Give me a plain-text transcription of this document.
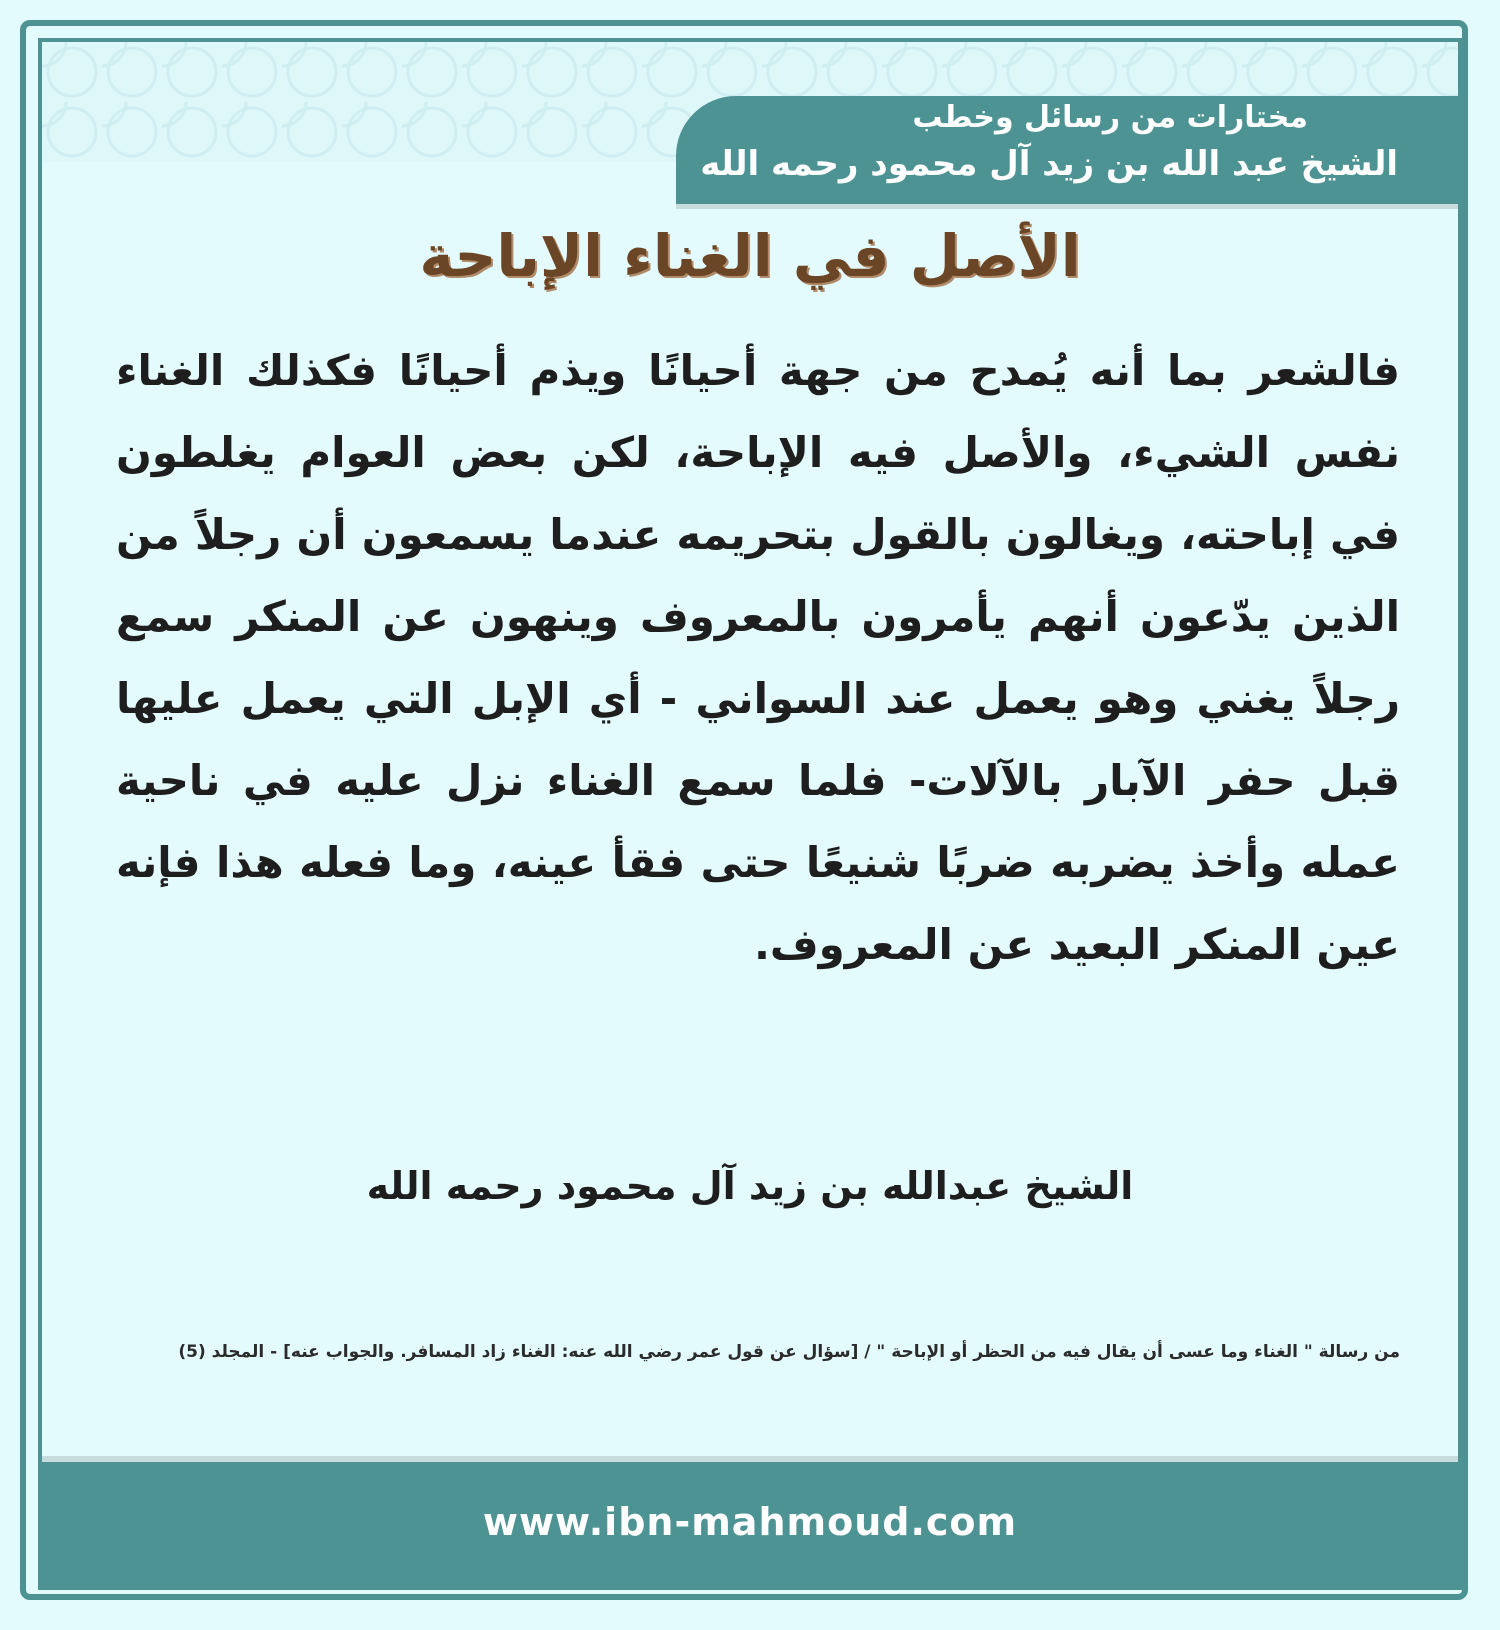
مختارات من رسائل وخطب
الشيخ عبد الله بن زيد آل محمود رحمه الله
الأصل في الغناء الإباحة
فالشعر بما أنه يُمدح من جهة أحيانًا ويذم أحيانًا فكذلك الغناء نفس الشيء، والأصل فيه الإباحة، لكن بعض العوام يغلطون في إباحته، ويغالون بالقول بتحريمه عندما يسمعون أن رجلاً من الذين يدّعون أنهم يأمرون بالمعروف وينهون عن المنكر سمع رجلاً يغني وهو يعمل عند السواني - أي الإبل التي يعمل عليها قبل حفر الآبار بالآلات- فلما سمع الغناء نزل عليه في ناحية عمله وأخذ يضربه ضربًا شنيعًا حتى فقأ عينه، وما فعله هذا فإنه عين المنكر البعيد عن المعروف.
الشيخ عبدالله بن زيد آل محمود رحمه الله
من رسالة " الغناء وما عسى أن يقال فيه من الحظر أو الإباحة " / [سؤال عن قول عمر رضي الله عنه: الغناء زاد المسافر. والجواب عنه] - المجلد (5)
www.ibn-mahmoud.com
